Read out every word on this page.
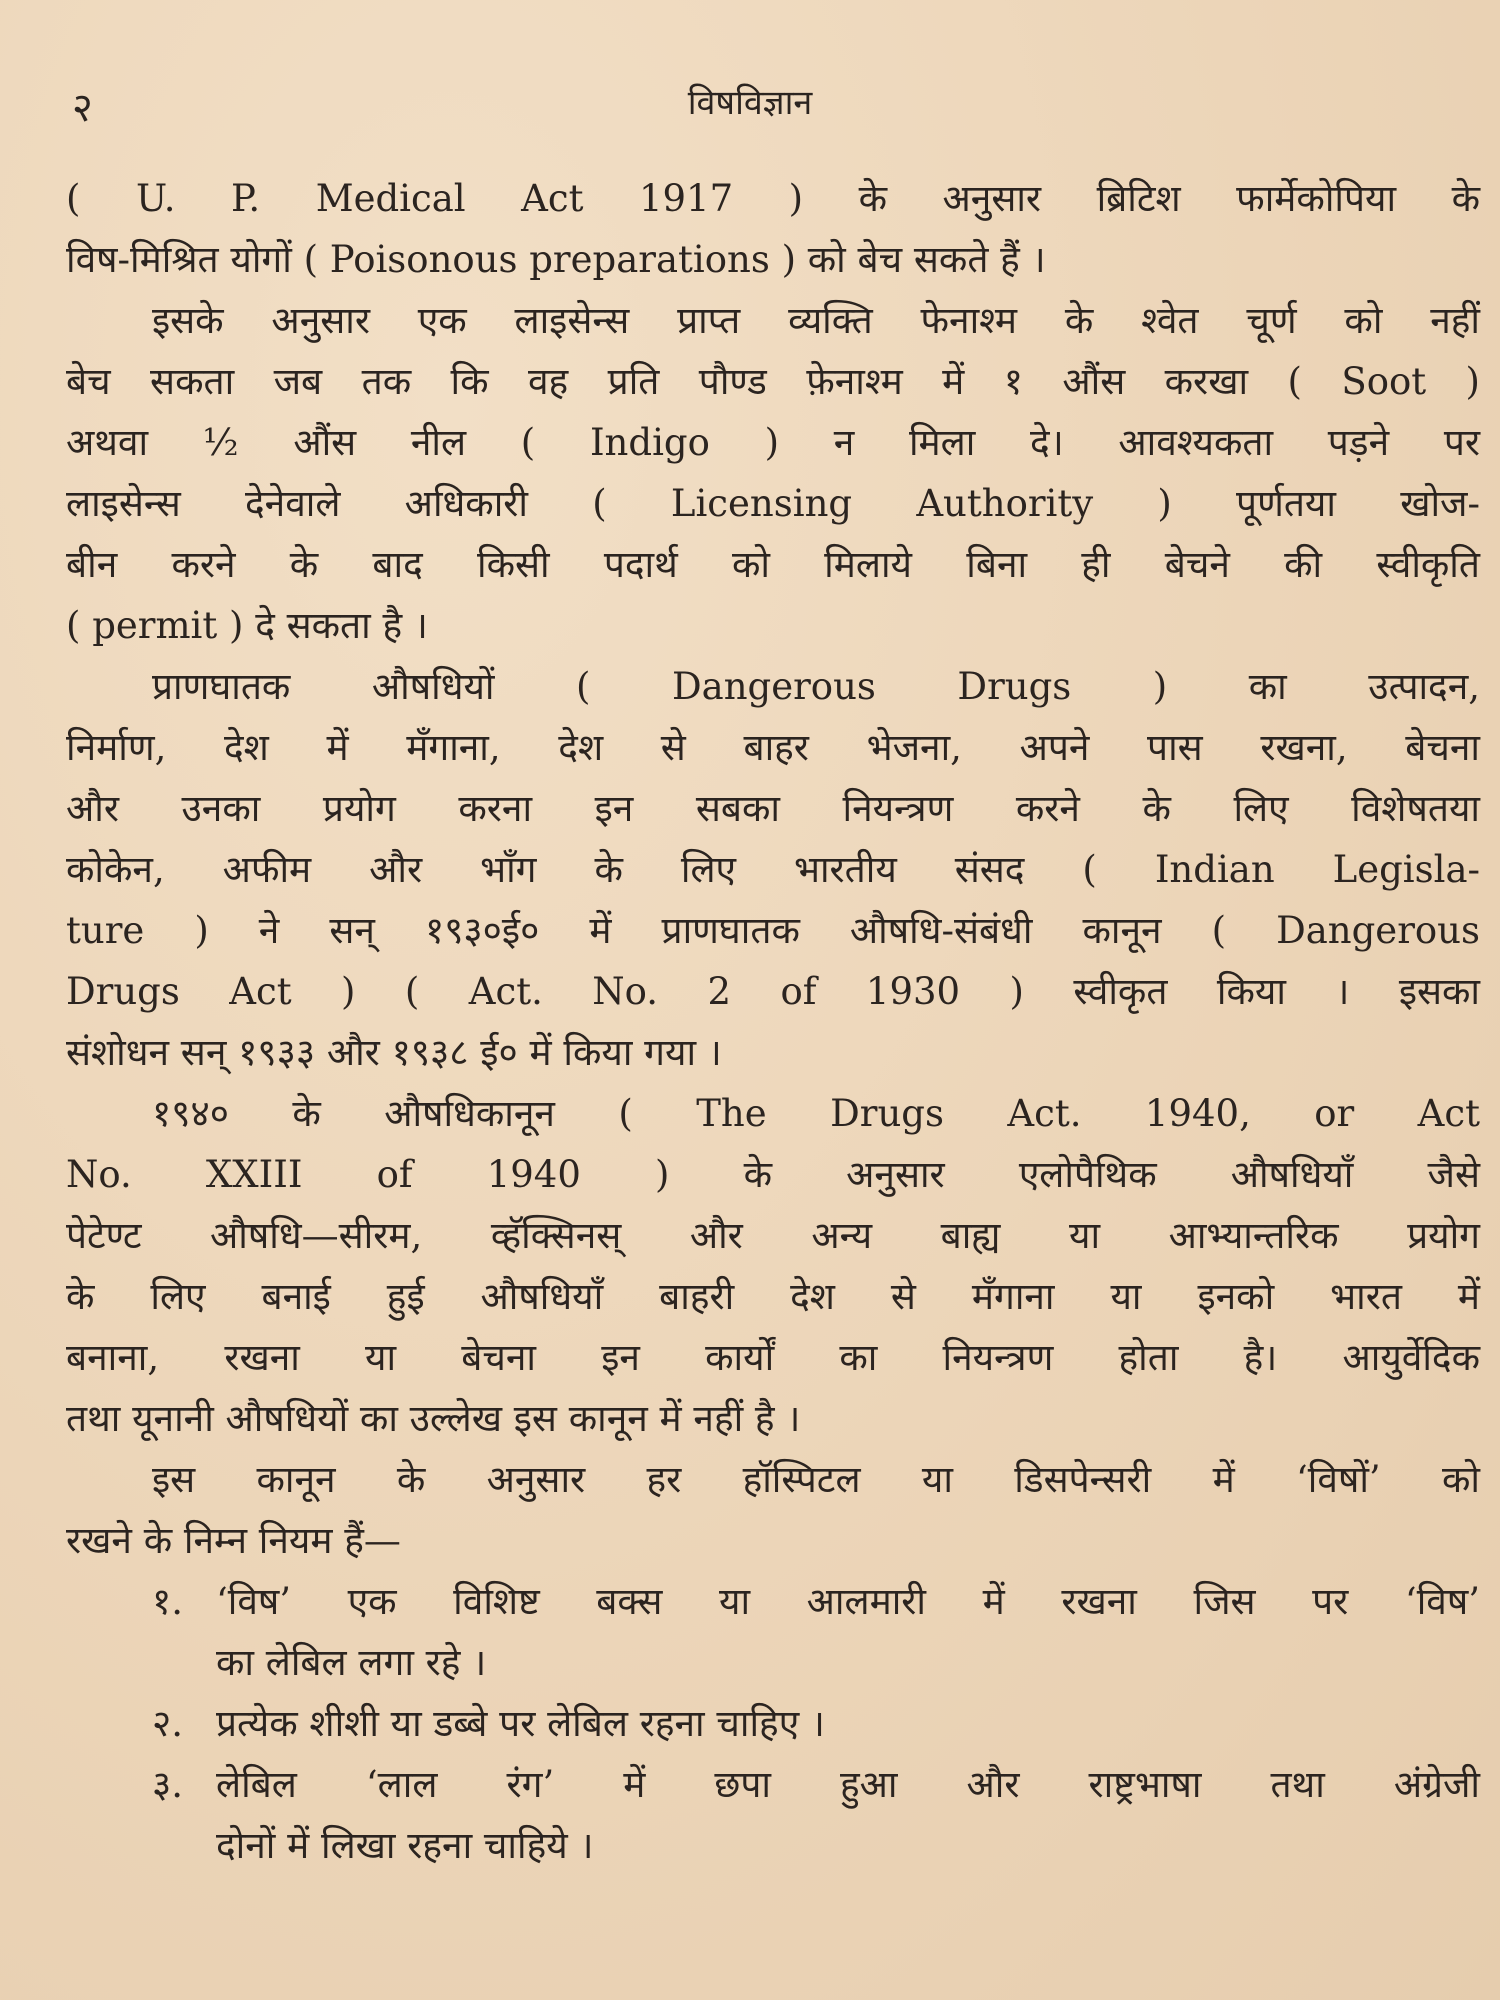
२	विषविज्ञान
( U. P. Medical Act 1917 ) के अनुसार ब्रिटिश फार्मेकोपिया के
विष-मिश्रित योगों ( Poisonous preparations ) को बेच सकते हैं ।
इसके अनुसार एक लाइसेन्स प्राप्त व्यक्ति फेनाश्म के श्वेत चूर्ण को नहीं
बेच सकता जब तक कि वह प्रति पौण्ड फ़ेनाश्म में १ औंस करखा ( Soot )
अथवा ½ औंस नील ( Indigo ) न मिला दे। आवश्यकता पड़ने पर
लाइसेन्स देनेवाले अधिकारी ( Licensing Authority ) पूर्णतया खोज-
बीन करने के बाद किसी पदार्थ को मिलाये बिना ही बेचने की स्वीकृति
( permit ) दे सकता है ।
प्राणघातक औषधियों ( Dangerous Drugs ) का उत्पादन,
निर्माण, देश में मँगाना, देश से बाहर भेजना, अपने पास रखना, बेचना
और उनका प्रयोग करना इन सबका नियन्त्रण करने के लिए विशेषतया
कोकेन, अफीम और भाँग के लिए भारतीय संसद ( Indian Legisla-
ture ) ने सन् १९३०ई० में प्राणघातक औषधि-संबंधी कानून ( Dangerous
Drugs Act ) ( Act. No. 2 of 1930 ) स्वीकृत किया । इसका
संशोधन सन् १९३३ और १९३८ ई० में किया गया ।
१९४० के औषधिकानून ( The Drugs Act. 1940, or Act
No. XXIII of 1940 ) के अनुसार एलोपैथिक औषधियाँ जैसे
पेटेण्ट औषधि—सीरम, व्हॅक्सिनस् और अन्य बाह्य या आभ्यान्तरिक प्रयोग
के लिए बनाई हुई औषधियाँ बाहरी देश से मँगाना या इनको भारत में
बनाना, रखना या बेचना इन कार्यों का नियन्त्रण होता है। आयुर्वेदिक
तथा यूनानी औषधियों का उल्लेख इस कानून में नहीं है ।
इस कानून के अनुसार हर हॉस्पिटल या डिसपेन्सरी में ‘विषों’ को
रखने के निम्न नियम हैं—
१. ‘विष’ एक विशिष्ट बक्स या आलमारी में रखना जिस पर ‘विष’
का लेबिल लगा रहे ।
२. प्रत्येक शीशी या डब्बे पर लेबिल रहना चाहिए ।
३. लेबिल ‘लाल रंग’ में छपा हुआ और राष्ट्रभाषा तथा अंग्रेजी
दोनों में लिखा रहना चाहिये ।
